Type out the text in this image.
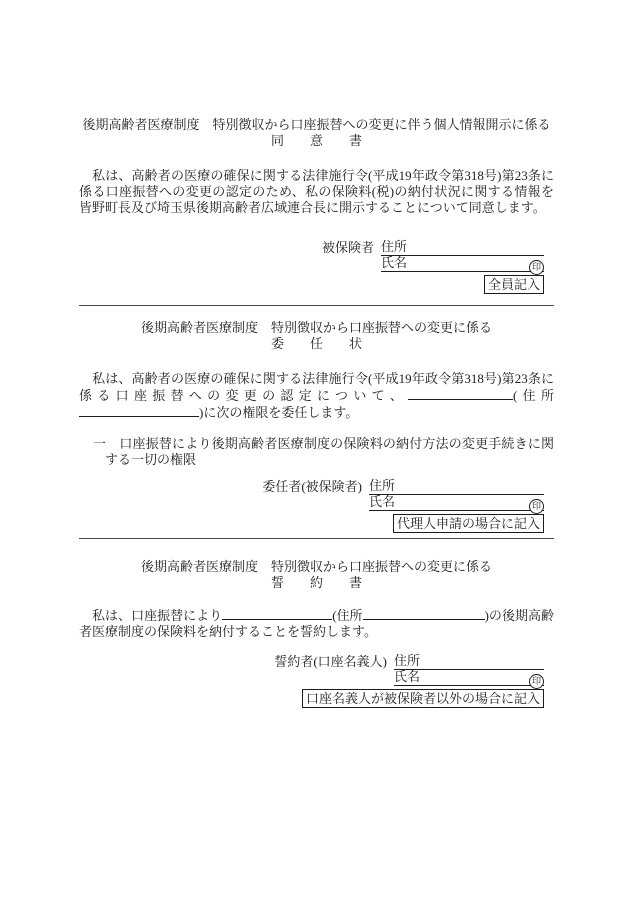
後期高齢者医療制度　特別徴収から口座振替への変更に伴う個人情報開示に係る
同　　意　　書

　私は、高齢者の医療の確保に関する法律施行令(平成19年政令第318号)第23条に係る口座振替への変更の認定のため、私の保険料(税)の納付状況に関する情報を皆野町長及び埼玉県後期高齢者広域連合長に開示することについて同意します。

被保険者 住所
氏名	印
全員記入
後期高齢者医療制度　特別徴収から口座振替への変更に係る
委　　任　　状

　私は、高齢者の医療の確保に関する法律施行令(平成19年政令第318号)第23条に係る口座振替への変更の認定について、	(住所)に次の権限を委任します。

一　口座振替により後期高齢者医療制度の保険料の納付方法の変更手続きに関する一切の権限

委任者(被保険者) 住所
氏名	印
代理人申請の場合に記入
後期高齢者医療制度　特別徴収から口座振替への変更に係る
誓　　約　　書

　私は、口座振替により	(住所	)の後期高齢者医療制度の保険料を納付することを誓約します。

誓約者(口座名義人) 住所
氏名	印
口座名義人が被保険者以外の場合に記入
